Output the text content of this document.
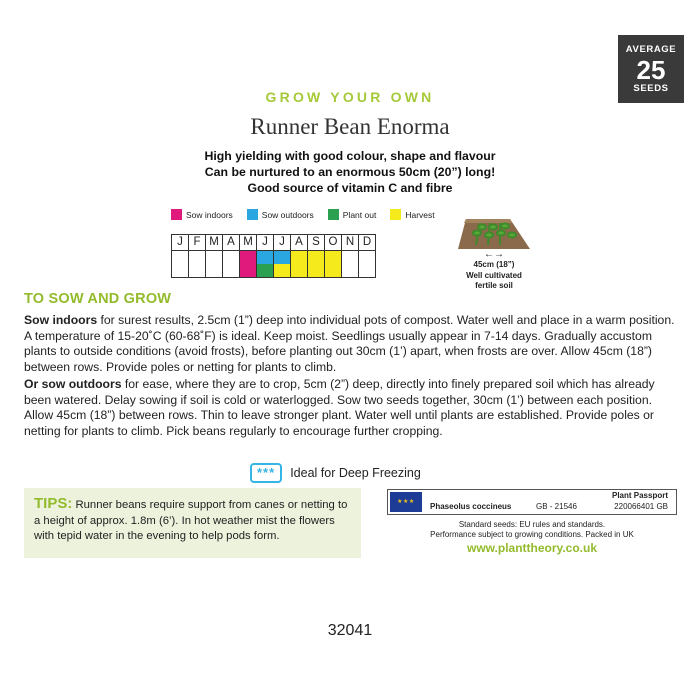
AVERAGE
25
SEEDS
GROW YOUR OWN
Runner Bean Enorma
High yielding with good colour, shape and flavour
Can be nurtured to an enormous 50cm (20”) long!
Good source of vitamin C and fibre
Sow indoors	Sow outdoors	Plant out	Harvest
J F M A M J J A S O N D
←→
45cm (18”)
Well cultivated
fertile soil
TO SOW AND GROW

Sow indoors for surest results, 2.5cm (1”) deep into individual pots of compost. Water well and place in a warm position. A temperature of 15-20˚C (60-68˚F) is ideal. Keep moist. Seedlings usually appear in 7-14 days. Gradually accustom plants to outside conditions (avoid frosts), before planting out 30cm (1’) apart, when frosts are over. Allow 45cm (18”) between rows. Provide poles or netting for plants to climb.

Or sow outdoors for ease, where they are to crop, 5cm (2”) deep, directly into finely prepared soil which has already been watered. Delay sowing if soil is cold or waterlogged. Sow two seeds together, 30cm (1’) between each position. Allow 45cm (18”) between rows. Thin to leave stronger plant. Water well until plants are established. Provide poles or netting for plants to climb. Pick beans regularly to encourage further cropping.

***	Ideal for Deep Freezing
TIPS: Runner beans require support from canes or netting to a height of approx. 1.8m (6’). In hot weather mist the flowers with tepid water in the evening to help pods form.
★★★
Plant Passport
Phaseolus coccineus	GB - 21546	220066401 GB
Standard seeds: EU rules and standards.
Performance subject to growing conditions. Packed in UK
www.planttheory.co.uk
32041
